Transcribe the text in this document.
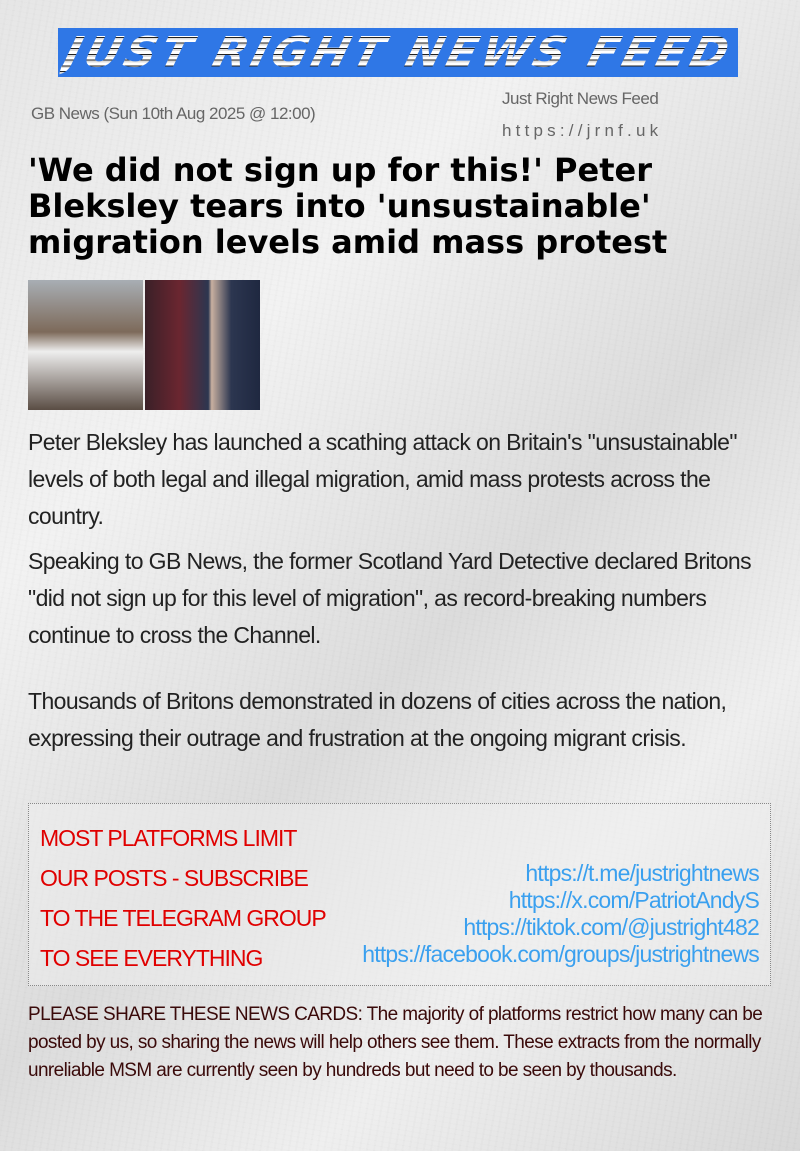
JUST RIGHT NEWS FEED
GB News (Sun 10th Aug 2025 @ 12:00)
Just Right News Feed
https://jrnf.uk
'We did not sign up for this!' Peter Bleksley tears into 'unsustainable' migration levels amid mass protest

Peter Bleksley has launched a scathing attack on Britain's "unsustainable" levels of both legal and illegal migration, amid mass protests across the country.

Speaking to GB News, the former Scotland Yard Detective declared Britons "did not sign up for this level of migration", as record-breaking numbers continue to cross the Channel.

Thousands of Britons demonstrated in dozens of cities across the nation, expressing their outrage and frustration at the ongoing migrant crisis.

MOST PLATFORMS LIMIT
OUR POSTS - SUBSCRIBE
TO THE TELEGRAM GROUP
TO SEE EVERYTHING
https://t.me/justrightnews
https://x.com/PatriotAndyS
https://tiktok.com/@justright482
https://facebook.com/groups/justrightnews
PLEASE SHARE THESE NEWS CARDS: The majority of platforms restrict how many can be posted by us, so sharing the news will help others see them. These extracts from the normally unreliable MSM are currently seen by hundreds but need to be seen by thousands.
